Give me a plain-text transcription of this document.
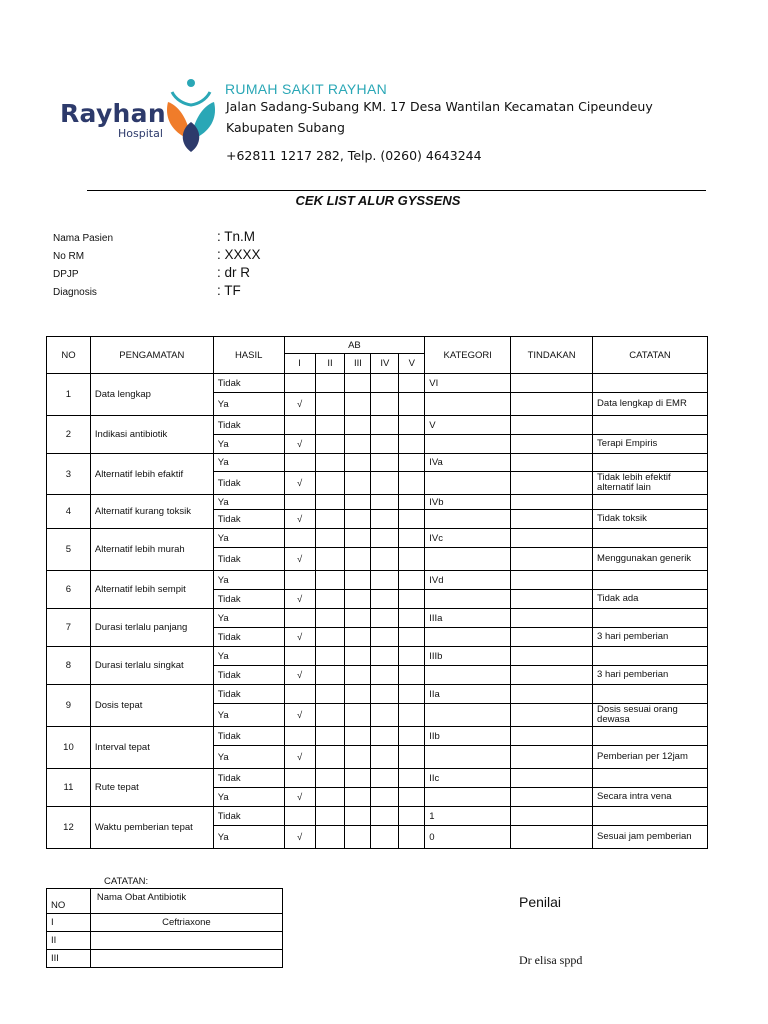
Rayhan
Hospital
RUMAH SAKIT RAYHAN
Jalan Sadang-Subang KM. 17 Desa Wantilan Kecamatan Cipeundeuy
Kabupaten Subang
+62811 1217 282, Telp. (0260) 4643244
CEK LIST ALUR GYSSENS
Nama Pasien	: Tn.M
No RM	: XXXX
DPJP	: dr R
Diagnosis	: TF
NO	PENGAMATAN	HASIL	AB					KATEGORI	TINDAKAN	CATATAN
			I	II	III	IV	V			
1	Data lengkap	Tidak						VI		
		Ya	√							Data lengkap di EMR
2	Indikasi antibiotik	Tidak						V		
		Ya	√							Terapi Empiris
3	Alternatif lebih efaktif	Ya						IVa		
		Tidak	√							Tidak lebih efektif alternatif lain
4	Alternatif kurang toksik	Ya						IVb		
		Tidak	√							Tidak toksik
5	Alternatif lebih murah	Ya						IVc		
		Tidak	√							Menggunakan generik
6	Alternatif lebih sempit	Ya						IVd		
		Tidak	√							Tidak ada
7	Durasi terlalu panjang	Ya						IIIa		
		Tidak	√							3 hari pemberian
8	Durasi terlalu singkat	Ya						IIIb		
		Tidak	√							3 hari pemberian
9	Dosis tepat	Tidak						IIa		
		Ya	√							Dosis sesuai orang dewasa
10	Interval tepat	Tidak						IIb		
		Ya	√							Pemberian per 12jam
11	Rute tepat	Tidak						IIc		
		Ya	√							Secara intra vena
12	Waktu pemberian tepat	Tidak						1		
		Ya	√					0		Sesuai jam pemberian
CATATAN:
NO	Nama Obat Antibiotik
I	Ceftriaxone
II	
III	
Penilai
Dr elisa sppd
